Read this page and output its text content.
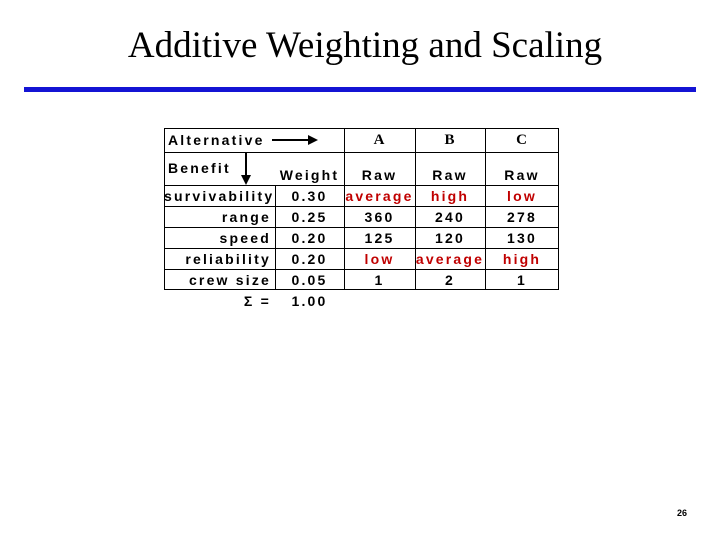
Additive Weighting and Scaling
Alternative	A	B	C
Benefit	Weight	Raw	Raw	Raw
survivability	0.30	average	high	low
range	0.25	360	240	278
speed	0.20	125	120	130
reliability	0.20	low	average	high
crew size	0.05	1	2	1
Σ =	1.00
26
